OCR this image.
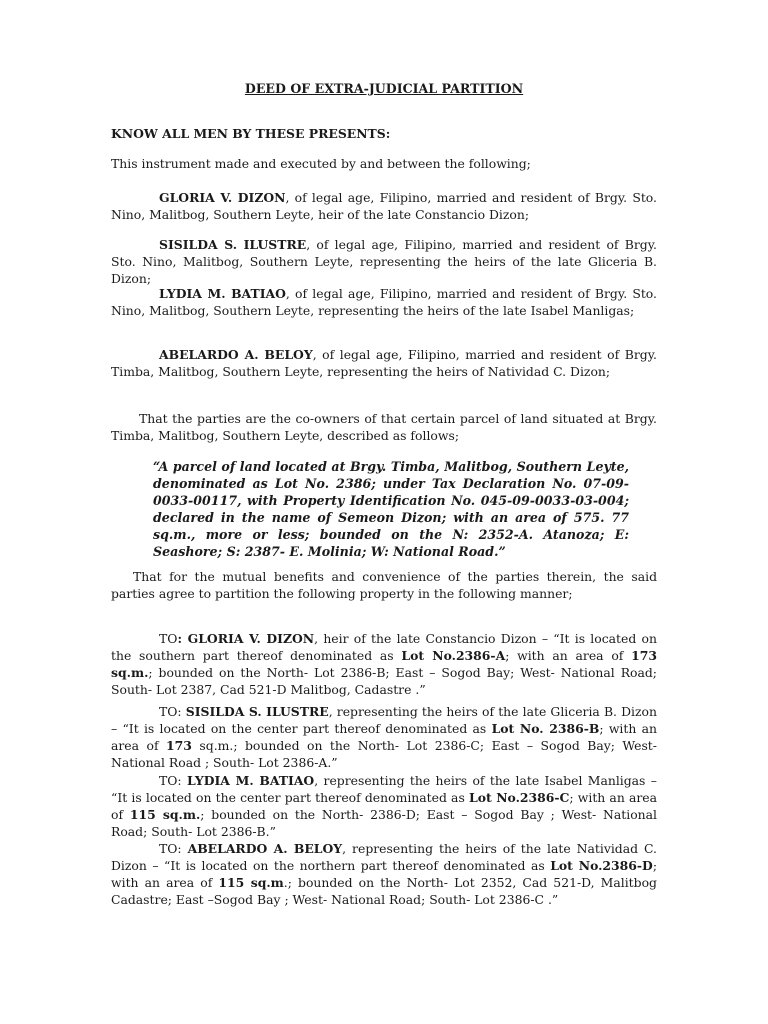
DEED OF EXTRA-JUDICIAL PARTITION

KNOW ALL MEN BY THESE PRESENTS:

This instrument made and executed by and between the following;

GLORIA V. DIZON, of legal age, Filipino, married and resident of Brgy. Sto. Nino, Malitbog, Southern Leyte, heir of the late Constancio Dizon;

SISILDA S. ILUSTRE, of legal age, Filipino, married and resident of Brgy. Sto. Nino, Malitbog, Southern Leyte, representing the heirs of the late Gliceria B. Dizon;

LYDIA M. BATIAO, of legal age, Filipino, married and resident of Brgy. Sto. Nino, Malitbog, Southern Leyte, representing the heirs of the late Isabel Manligas;

ABELARDO A. BELOY, of legal age, Filipino, married and resident of Brgy. Timba, Malitbog, Southern Leyte, representing the heirs of Natividad C. Dizon;

That the parties are the co-owners of that certain parcel of land situated at Brgy. Timba, Malitbog, Southern Leyte, described as follows;

“A parcel of land located at Brgy. Timba, Malitbog, Southern Leyte, denominated as Lot No. 2386; under Tax Declaration No. 07-09-0033-00117, with Property Identification No. 045-09-0033-03-004; declared in the name of Semeon Dizon; with an area of 575. 77 sq.m., more or less; bounded on the N: 2352-A. Atanoza; E: Seashore; S: 2387- E. Molinia; W: National Road.”

That for the mutual benefits and convenience of the parties therein, the said parties agree to partition the following property in the following manner;

TO: GLORIA V. DIZON, heir of the late Constancio Dizon – “It is located on the southern part thereof denominated as Lot No.2386-A; with an area of 173 sq.m.; bounded on the North- Lot 2386-B; East – Sogod Bay; West- National Road; South- Lot 2387, Cad 521-D Malitbog, Cadastre .”

TO: SISILDA S. ILUSTRE, representing the heirs of the late Gliceria B. Dizon – “It is located on the center part thereof denominated as Lot No. 2386-B; with an area of 173 sq.m.; bounded on the North- Lot 2386-C; East – Sogod Bay; West- National Road ; South- Lot 2386-A.”

TO: LYDIA M. BATIAO, representing the heirs of the late Isabel Manligas – “It is located on the center part thereof denominated as Lot No.2386-C; with an area of 115 sq.m.; bounded on the North- 2386-D; East – Sogod Bay ; West- National Road; South- Lot 2386-B.”

TO: ABELARDO A. BELOY, representing the heirs of the late Natividad C. Dizon – “It is located on the northern part thereof denominated as Lot No.2386-D; with an area of 115 sq.m.; bounded on the North- Lot 2352, Cad 521-D, Malitbog Cadastre; East –Sogod Bay ; West- National Road; South- Lot 2386-C .”
